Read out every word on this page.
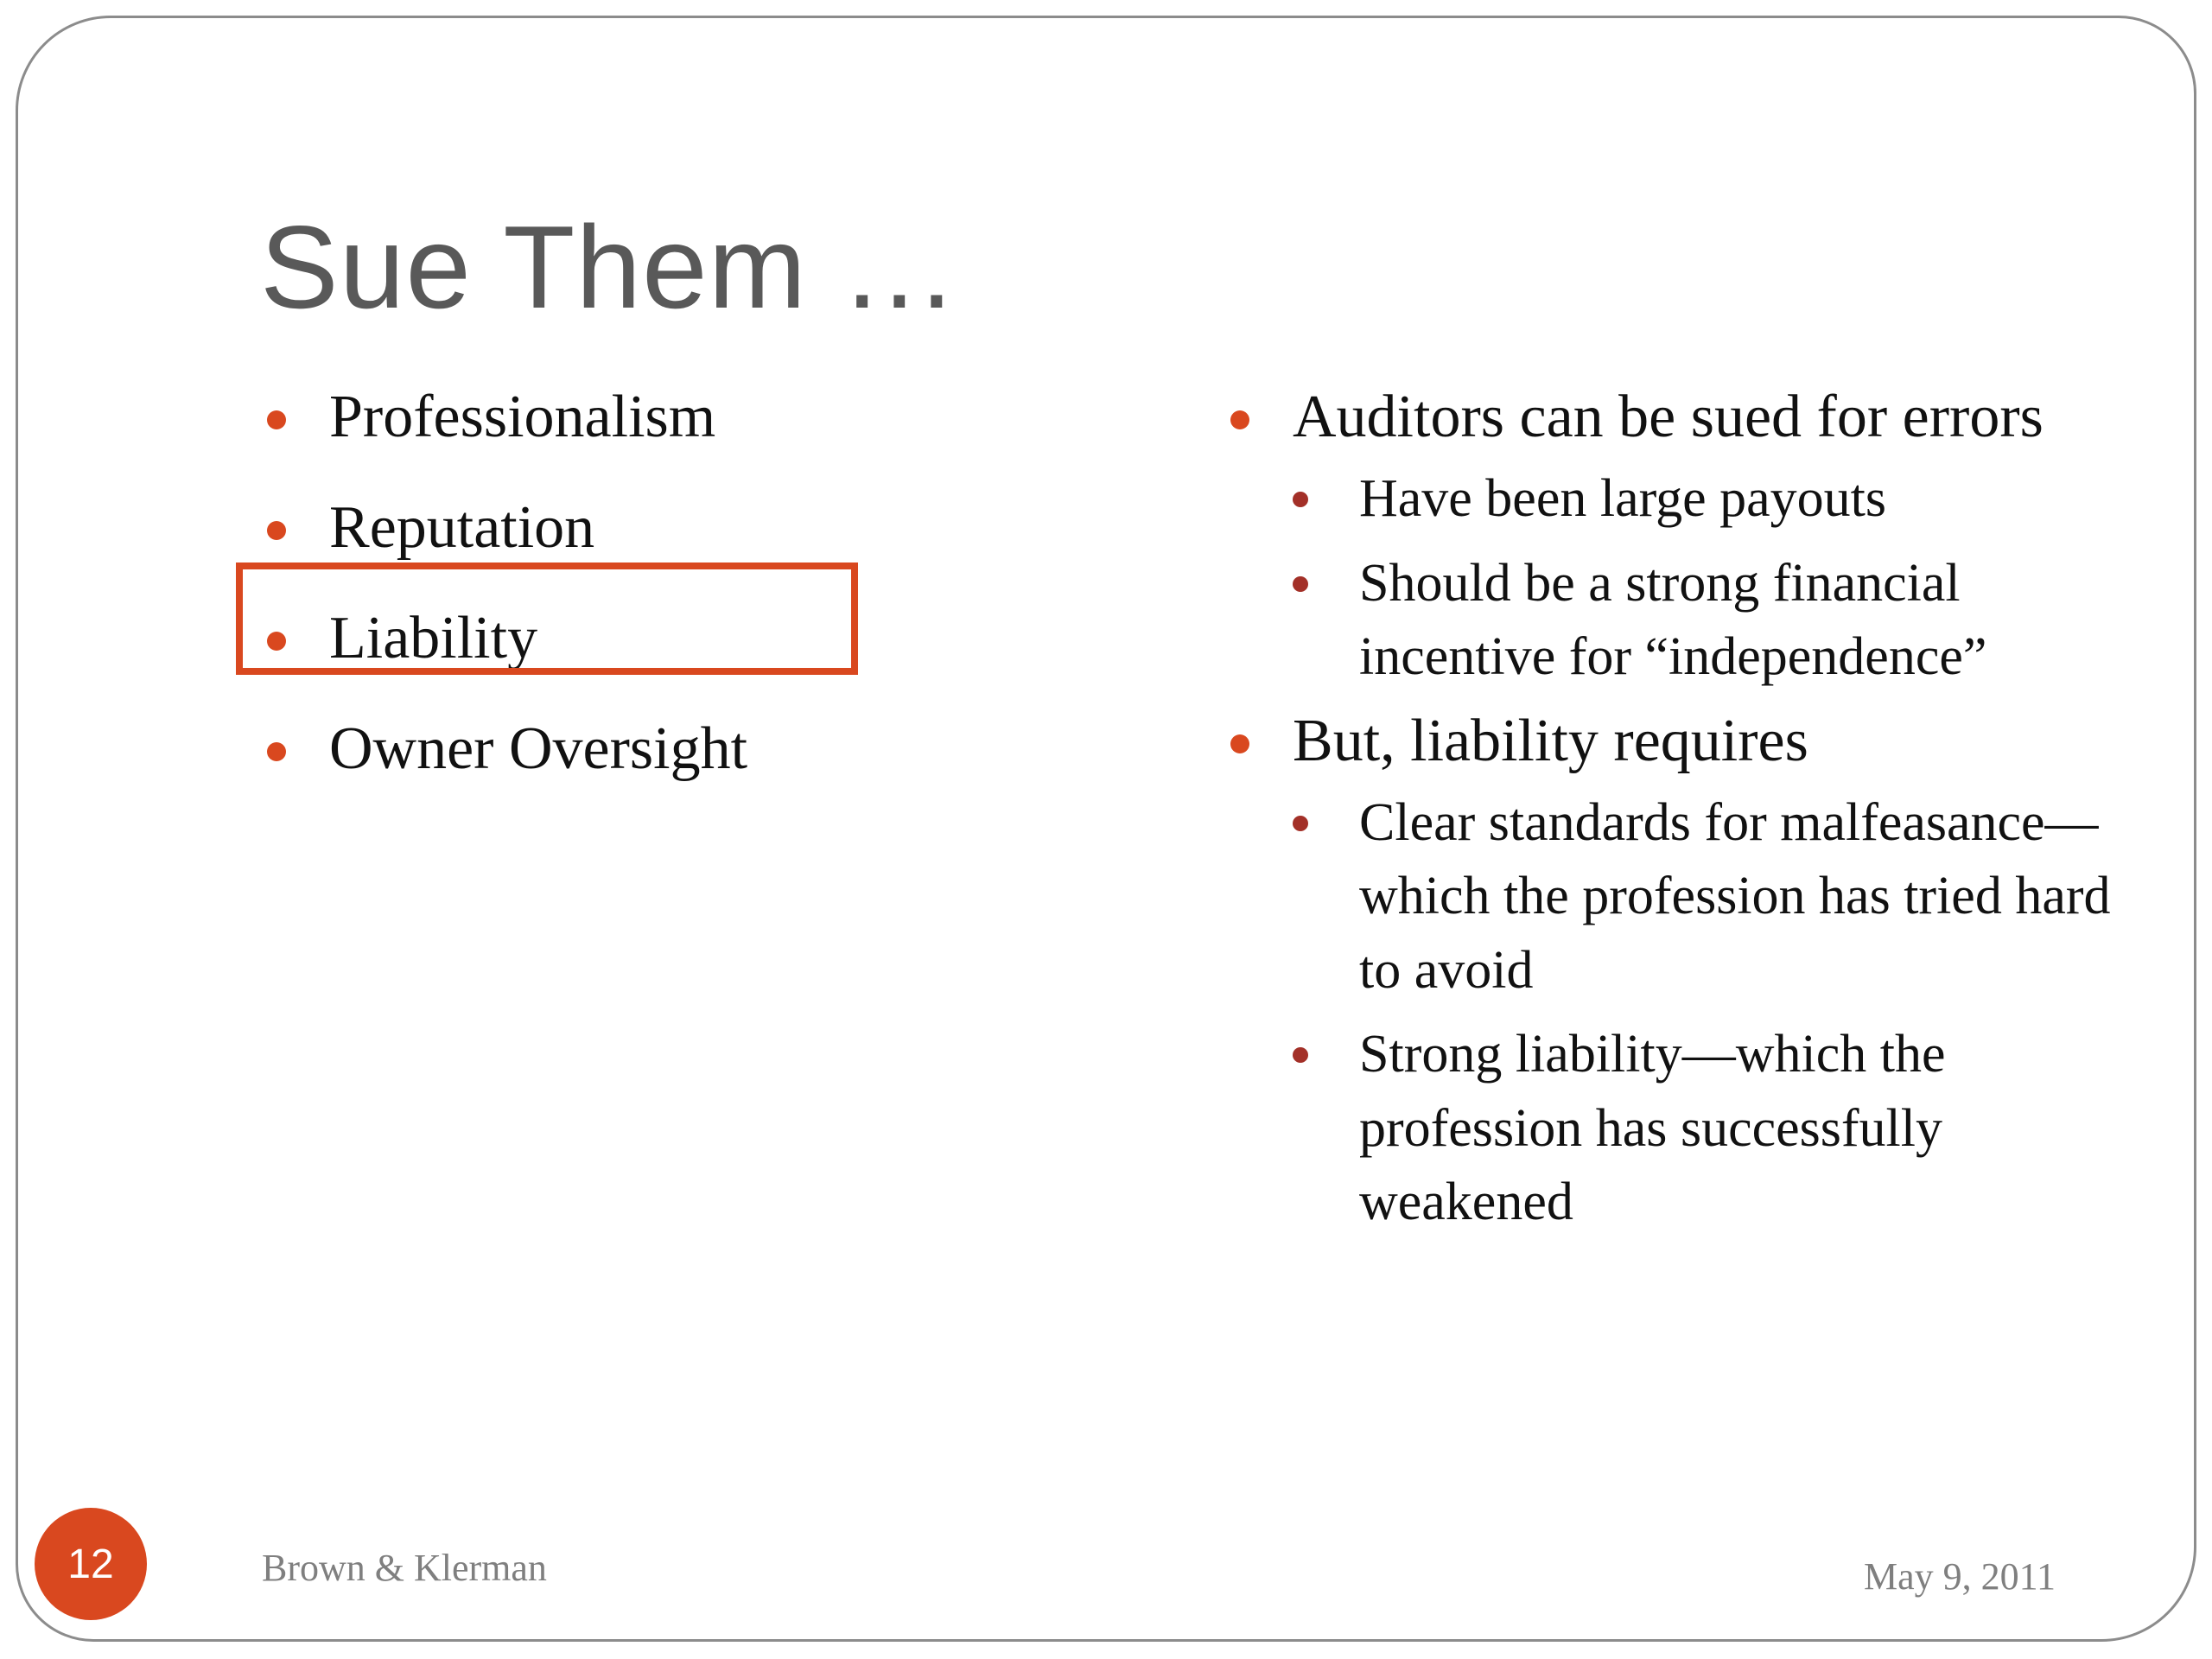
Sue Them …
Professionalism
Reputation
Liability
Owner Oversight
Auditors can be sued for errors
Have been large payouts
Should be a strong financial incentive for “independence”
But, liability requires
Clear standards for malfeasance—which the profession has tried hard to avoid
Strong liability—which the profession has successfully weakened
Brown & Klerman	May 9, 2011
12
